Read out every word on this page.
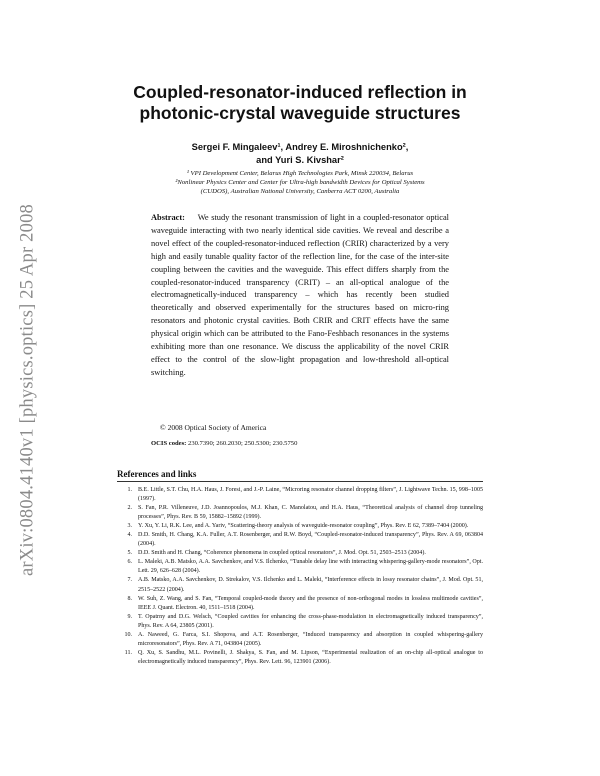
arXiv:0804.4140v1 [physics.optics] 25 Apr 2008
Coupled-resonator-induced reflection in
photonic-crystal waveguide structures
Sergei F. Mingaleev¹, Andrey E. Miroshnichenko²,
and Yuri S. Kivshar²
¹ VPI Development Center, Belarus High Technologies Park, Minsk 220034, Belarus
²Nonlinear Physics Center and Center for Ultra-high bandwidth Devices for Optical Systems
(CUDOS), Australian National University, Canberra ACT 0200, Australia
Abstract: We study the resonant transmission of light in a coupled-resonator optical waveguide interacting with two nearly identical side cavities. We reveal and describe a novel effect of the coupled-resonator-induced reflection (CRIR) characterized by a very high and easily tunable quality factor of the reflection line, for the case of the inter-site coupling between the cavities and the waveguide. This effect differs sharply from the coupled-resonator-induced transparency (CRIT) – an all-optical analogue of the electromagnetically-induced transparency – which has recently been studied theoretically and observed experimentally for the structures based on micro-ring resonators and photonic crystal cavities. Both CRIR and CRIT effects have the same physical origin which can be attributed to the Fano-Feshbach resonances in the systems exhibiting more than one resonance. We discuss the applicability of the novel CRIR effect to the control of the slow-light propagation and low-threshold all-optical switching.
© 2008 Optical Society of America
OCIS codes: 230.7390; 260.2030; 250.5300; 230.5750
References and links
1. B.E. Little, S.T. Chu, H.A. Haus, J. Foresi, and J.-P. Laine, “Microring resonator channel dropping filters”, J. Lightwave Techn. 15, 998–1005 (1997).
2. S. Fan, P.R. Villeneuve, J.D. Joannopoulos, M.J. Khan, C. Manolatou, and H.A. Haus, “Theoretical analysis of channel drop tunneling processes”, Phys. Rev. B 59, 15882–15892 (1999).
3. Y. Xu, Y. Li, R.K. Lee, and A. Yariv, “Scattering-theory analysis of waveguide-resonator coupling”, Phys. Rev. E 62, 7389–7404 (2000).
4. D.D. Smith, H. Chang, K.A. Fuller, A.T. Rosenberger, and R.W. Boyd, “Coupled-resonator-induced transparency”, Phys. Rev. A 69, 063804 (2004).
5. D.D. Smith and H. Chang, “Coherence phenomena in coupled optical resonators”, J. Mod. Opt. 51, 2503–2513 (2004).
6. L. Maleki, A.B. Matsko, A.A. Savchenkov, and V.S. Ilchenko, “Tunable delay line with interacting whispering-gallery-mode resonators”, Opt. Lett. 29, 626–628 (2004).
7. A.B. Matsko, A.A. Savchenkov, D. Strekalov, V.S. Ilchenko and L. Maleki, “Interference effects in lossy resonator chains”, J. Mod. Opt. 51, 2515–2522 (2004).
8. W. Suh, Z. Wang, and S. Fan, “Temporal coupled-mode theory and the presence of non-orthogonal modes in lossless multimode cavities”, IEEE J. Quant. Electron. 40, 1511–1518 (2004).
9. T. Opatrny and D.G. Welsch, “Coupled cavities for enhancing the cross-phase-modulation in electromagnetically induced transparency”, Phys. Rev. A 64, 23805 (2001).
10. A. Naweed, G. Farca, S.I. Shopova, and A.T. Rosenberger, “Induced transparency and absorption in coupled whispering-gallery microresonators”, Phys. Rev. A 71, 043804 (2005).
11. Q. Xu, S. Sandhu, M.L. Povinelli, J. Shakya, S. Fan, and M. Lipson, “Experimental realization of an on-chip all-optical analogue to electromagnetically induced transparency”, Phys. Rev. Lett. 96, 123901 (2006).
